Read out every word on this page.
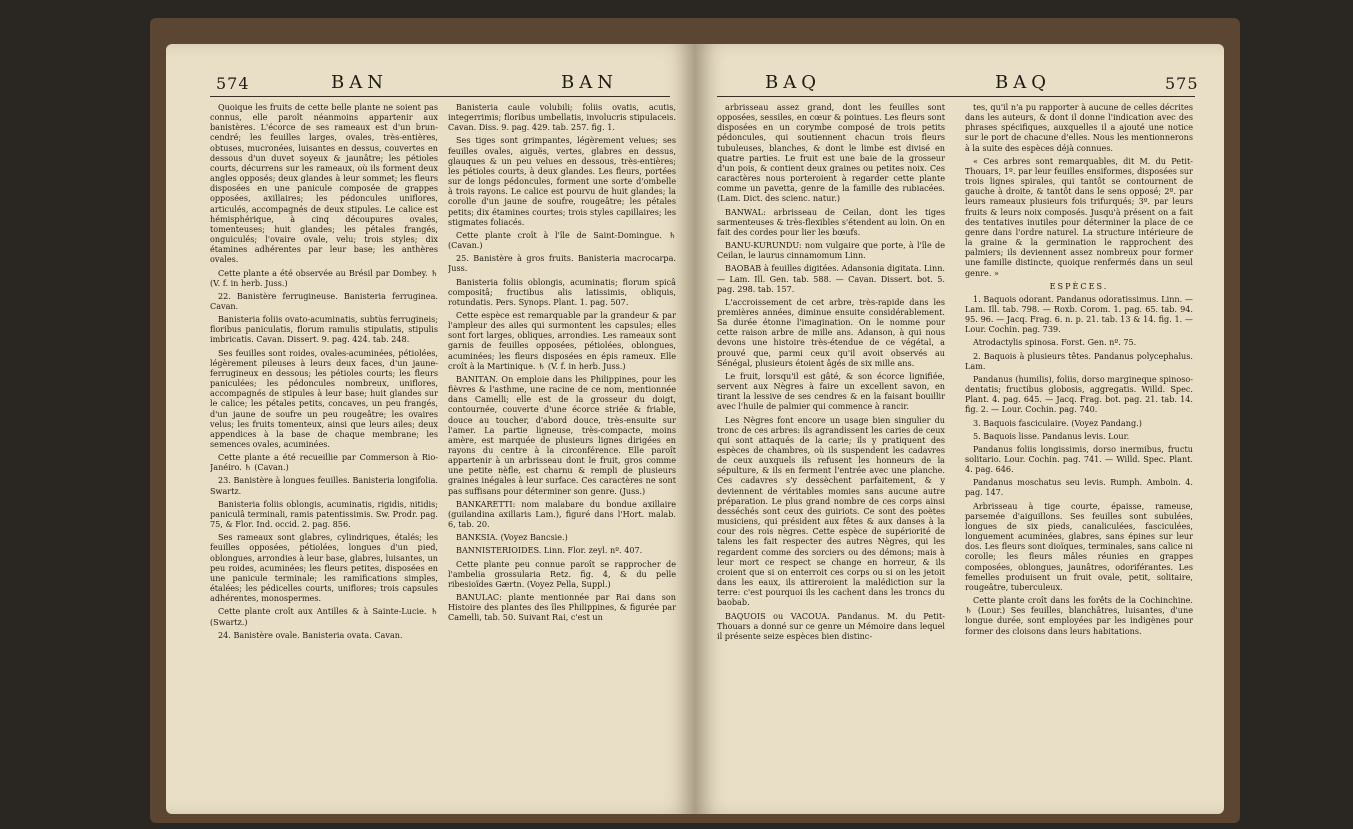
574	BAN	BAN

Quoique les fruits de cette belle plante ne soient pas connus, elle paroît néanmoins appartenir aux banistères. L'écorce de ses rameaux est d'un brun-cendré; les feuilles larges, ovales, très-entières, obtuses, mucronées, luisantes en dessus, couvertes en dessous d'un duvet soyeux & jaunâtre; les pétioles courts, décurrens sur les rameaux, où ils forment deux angles opposés; deux glandes à leur sommet; les fleurs disposées en une panicule composée de grappes opposées, axillaires; les pédoncules uniflores, articulés, accompagnés de deux stipules. Le calice est hémisphérique, à cinq découpures ovales, tomenteuses; huit glandes; les pétales frangés, onguiculés; l'ovaire ovale, velu; trois styles; dix étamines adhérentes par leur base; les anthères ovales.

Cette plante a été observée au Brésil par Dombey. ♄ (V. f. in herb. Juss.)

22. Banistère ferrugineuse. Banisteria ferruginea. Cavan.

Banisteria foliis ovato-acuminatis, subtùs ferrugineis; floribus paniculatis, florum ramulis stipulatis, stipulis imbricatis. Cavan. Dissert. 9. pag. 424. tab. 248.

Ses feuilles sont roides, ovales-acuminées, pétiolées, légèrement pileuses à leurs deux faces, d'un jaune-ferrugineux en dessous; les pétioles courts; les fleurs paniculées; les pédoncules nombreux, uniflores, accompagnés de stipules à leur base; huit glandes sur le calice; les pétales petits, concaves, un peu frangés, d'un jaune de soufre un peu rougeâtre; les ovaires velus; les fruits tomenteux, ainsi que leurs ailes; deux appendices à la base de chaque membrane; les semences ovales, acuminées.

Cette plante a été recueillie par Commerson à Rio-Janéiro. ♄ (Cavan.)

23. Banistère à longues feuilles. Banisteria longifolia. Swartz.

Banisteria foliis oblongis, acuminatis, rigidis, nitidis; paniculâ terminali, ramis patentissimis. Sw. Prodr. pag. 75, & Flor. Ind. occid. 2. pag. 856.

Ses rameaux sont glabres, cylindriques, étalés; les feuilles opposées, pétiolées, longues d'un pied, oblongues, arrondies à leur base, glabres, luisantes, un peu roides, acuminées; les fleurs petites, disposées en une panicule terminale; les ramifications simples, étalées; les pédicelles courts, uniflores; trois capsules adhérentes, monospermes.

Cette plante croît aux Antilles & à Sainte-Lucie. ♄ (Swartz.)

24. Banistère ovale. Banisteria ovata. Cavan.

Banisteria caule volubili; foliis ovatis, acutis, integerrimis; floribus umbellatis, involucris stipulaceis. Cavan. Diss. 9. pag. 429. tab. 257. fig. 1.

Ses tiges sont grimpantes, légèrement velues; ses feuilles ovales, aiguës, vertes, glabres en dessus, glauques & un peu velues en dessous, très-entières; les pétioles courts, à deux glandes. Les fleurs, portées sur de longs pédoncules, forment une sorte d'ombelle à trois rayons. Le calice est pourvu de huit glandes; la corolle d'un jaune de soufre, rougeâtre; les pétales petits; dix étamines courtes; trois styles capillaires; les stigmates foliacés.

Cette plante croît à l'île de Saint-Domingue. ♄ (Cavan.)

25. Banistère à gros fruits. Banisteria macrocarpa. Juss.

Banisteria foliis oblongis, acuminatis; florum spicâ compositâ; fructibus alis latissimis, obliquis, rotundatis. Pers. Synops. Plant. 1. pag. 507.

Cette espèce est remarquable par la grandeur & par l'ampleur des ailes qui surmontent les capsules; elles sont fort larges, obliques, arrondies. Les rameaux sont garnis de feuilles opposées, pétiolées, oblongues, acuminées; les fleurs disposées en épis rameux. Elle croît à la Martinique. ♄ (V. f. in herb. Juss.)

BANITAN. On emploie dans les Philippines, pour les fièvres & l'asthme, une racine de ce nom, mentionnée dans Camelli; elle est de la grosseur du doigt, contournée, couverte d'une écorce striée & friable, douce au toucher, d'abord douce, très-ensuite sur l'amer. La partie ligneuse, très-compacte, moins amère, est marquée de plusieurs lignes dirigées en rayons du centre à la circonférence. Elle paroît appartenir à un arbrisseau dont le fruit, gros comme une petite nèfle, est charnu & rempli de plusieurs graines inégales à leur surface. Ces caractères ne sont pas suffisans pour déterminer son genre. (Juss.)

BANKARETTI: nom malabare du bondue axillaire (guilandina axillaris Lam.), figuré dans l'Hort. malab. 6, tab. 20.

BANKSIA. (Voyez Bancsie.)

BANNISTERIOIDES. Linn. Flor. zeyl. nº. 407.

Cette plante peu connue paroît se rapprocher de l'ambelia grossularia Retz. fig. 4, & du pelle ribesioïdes Gærtn. (Voyez Pella, Suppl.)

BANULAC: plante mentionnée par Rai dans son Histoire des plantes des îles Philippines, & figurée par Camelli, tab. 50. Suivant Rai, c'est un

BAQ	BAQ	575

arbrisseau assez grand, dont les feuilles sont opposées, sessiles, en cœur & pointues. Les fleurs sont disposées en un corymbe composé de trois petits pédoncules, qui soutiennent chacun trois fleurs tubuleuses, blanches, & dont le limbe est divisé en quatre parties. Le fruit est une baie de la grosseur d'un pois, & contient deux graines ou petites noix. Ces caractères nous porteroient à regarder cette plante comme un pavetta, genre de la famille des rubiacées. (Lam. Dict. des scienc. natur.)

BANWAL: arbrisseau de Ceilan, dont les tiges sarmenteuses & très-flexibles s'étendent au loin. On en fait des cordes pour lier les bœufs.

BANU-KURUNDU: nom vulgaire que porte, à l'île de Ceilan, le laurus cinnamomum Linn.

BAOBAB à feuilles digitées. Adansonia digitata. Linn. — Lam. Ill. Gen. tab. 588. — Cavan. Dissert. bot. 5. pag. 298. tab. 157.

L'accroissement de cet arbre, très-rapide dans les premières années, diminue ensuite considérablement. Sa durée étonne l'imagination. On le nomme pour cette raison arbre de mille ans. Adanson, à qui nous devons une histoire très-étendue de ce végétal, a prouvé que, parmi ceux qu'il avoit observés au Sénégal, plusieurs étoient âgés de six mille ans.

Le fruit, lorsqu'il est gâté, & son écorce lignifiée, servent aux Nègres à faire un excellent savon, en tirant la lessive de ses cendres & en la faisant bouillir avec l'huile de palmier qui commence à rancir.

Les Nègres font encore un usage bien singulier du tronc de ces arbres: ils agrandissent les caries de ceux qui sont attaqués de la carie; ils y pratiquent des espèces de chambres, où ils suspendent les cadavres de ceux auxquels ils refusent les honneurs de la sépulture, & ils en ferment l'entrée avec une planche. Ces cadavres s'y dessèchent parfaitement, & y deviennent de véritables momies sans aucune autre préparation. Le plus grand nombre de ces corps ainsi desséchés sont ceux des guiriots. Ce sont des poètes musiciens, qui président aux fêtes & aux danses à la cour des rois nègres. Cette espèce de supériorité de talens les fait respecter des autres Nègres, qui les regardent comme des sorciers ou des démons; mais à leur mort ce respect se change en horreur, & ils croient que si on enterroit ces corps ou si on les jetoit dans les eaux, ils attireroient la malédiction sur la terre: c'est pourquoi ils les cachent dans les troncs du baobab.

BAQUOIS ou VACOUA. Pandanus. M. du Petit-Thouars a donné sur ce genre un Mémoire dans lequel il présente seize espèces bien distinc-

tes, qu'il n'a pu rapporter à aucune de celles décrites dans les auteurs, & dont il donne l'indication avec des phrases spécifiques, auxquelles il a ajouté une notice sur le port de chacune d'elles. Nous les mentionnerons à la suite des espèces déjà connues.

« Ces arbres sont remarquables, dit M. du Petit-Thouars, 1º. par leur feuilles ensiformes, disposées sur trois lignes spirales, qui tantôt se contournent de gauche à droite, & tantôt dans le sens opposé; 2º. par leurs rameaux plusieurs fois trifurqués; 3º. par leurs fruits & leurs noix composés. Jusqu'à présent on a fait des tentatives inutiles pour déterminer la place de ce genre dans l'ordre naturel. La structure intérieure de la graine & la germination le rapprochent des palmiers; ils deviennent assez nombreux pour former une famille distincte, quoique renfermés dans un seul genre. »

ESPÈCES.

1. Baquois odorant. Pandanus odoratissimus. Linn. — Lam. Ill. tab. 798. — Roxb. Corom. 1. pag. 65. tab. 94. 95. 96. — Jacq. Frag. 6. n. p. 21. tab. 13 & 14. fig. 1. — Lour. Cochin. pag. 739.

Atrodactylis spinosa. Forst. Gen. nº. 75.

2. Baquois à plusieurs têtes. Pandanus polycephalus. Lam.

Pandanus (humilis), foliis, dorso margineque spinoso-dentatis; fructibus globosis, aggregatis. Willd. Spec. Plant. 4. pag. 645. — Jacq. Frag. bot. pag. 21. tab. 14. fig. 2. — Lour. Cochin. pag. 740.

3. Baquois fasciculaire. (Voyez Pandang.)

5. Baquois lisse. Pandanus levis. Lour.

Pandanus foliis longissimis, dorso inermibus, fructu solitario. Lour. Cochin. pag. 741. — Willd. Spec. Plant. 4. pag. 646.

Pandanus moschatus seu levis. Rumph. Amboin. 4. pag. 147.

Arbrisseau à tige courte, épaisse, rameuse, parsemée d'aiguillons. Ses feuilles sont subulées, longues de six pieds, canaliculées, fasciculées, longuement acuminées, glabres, sans épines sur leur dos. Les fleurs sont dioïques, terminales, sans calice ni corolle; les fleurs mâles réunies en grappes composées, oblongues, jaunâtres, odoriférantes. Les femelles produisent un fruit ovale, petit, solitaire, rougeâtre, tuberculeux.

Cette plante croît dans les forêts de la Cochinchine. ♄ (Lour.) Ses feuilles, blanchâtres, luisantes, d'une longue durée, sont employées par les indigènes pour former des cloisons dans leurs habitations.
